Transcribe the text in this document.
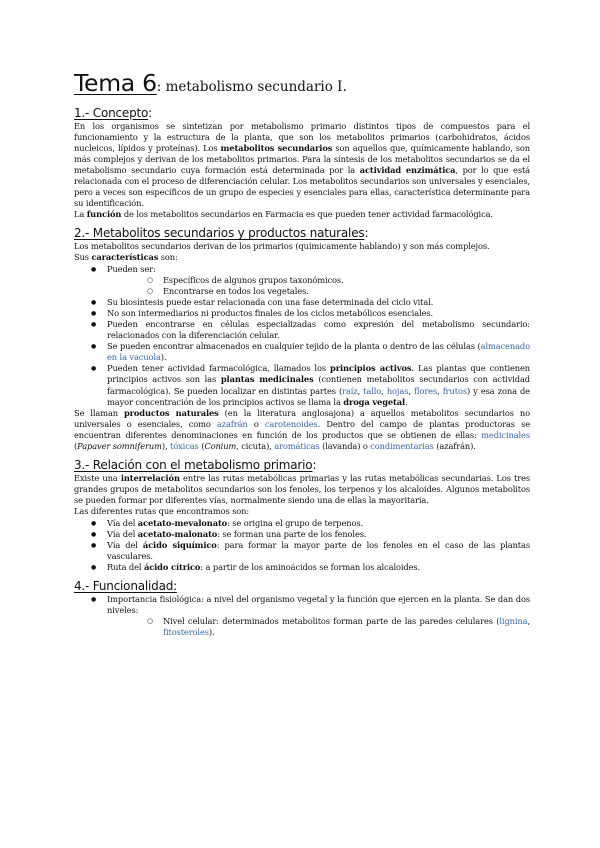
Tema 6: metabolismo secundario I.
1.- Concepto:

En los organismos se sintetizan por metabolismo primario distintos tipos de compuestos para el funcionamiento y la estructura de la planta, que son los metabolitos primarios (carbohidratos, ácidos nucleicos, lípidos y proteínas). Los metabolitos secundarios son aquellos que, químicamente hablando, son más complejos y derivan de los metabolitos primarios. Para la síntesis de los metabolitos secundarios se da el metabolismo secundario cuya formación está determinada por la actividad enzimática, por lo que está relacionada con el proceso de diferenciación celular. Los metabolitos secundarios son universales y esenciales, pero a veces son específicos de un grupo de especies y esenciales para ellas, característica determinante para su identificación.

La función de los metabolitos secundarios en Farmacia es que pueden tener actividad farmacológica.

2.- Metabolitos secundarios y productos naturales:

Los metabolitos secundarios derivan de los primarios (químicamente hablando) y son más complejos.

Sus características son:

● Pueden ser:
○ Específicos de algunos grupos taxonómicos.
○ Encontrarse en todos los vegetales.
● Su biosíntesis puede estar relacionada con una fase determinada del ciclo vital.
● No son intermediarios ni productos finales de los ciclos metabólicos esenciales.
● Pueden encontrarse en células especializadas como expresión del metabolismo secundario: relacionados con la diferenciación celular.
● Se pueden encontrar almacenados en cualquier tejido de la planta o dentro de las células (almacenado en la vacuola).
● Pueden tener actividad farmacológica, llamados los principios activos. Las plantas que contienen principios activos son las plantas medicinales (contienen metabolitos secundarios con actividad farmacológica). Se pueden localizar en distintas partes (raíz, tallo, hojas, flores, frutos) y esa zona de mayor concentración de los principios activos se llama la droga vegetal.

Se llaman productos naturales (en la literatura anglosajona) a aquellos metabolitos secundarios no universales o esenciales, como azafrán o carotenoides. Dentro del campo de plantas productoras se encuentran diferentes denominaciones en función de los productos que se obtienen de ellas: medicinales (Papaver somniferum), tóxicas (Conium, cicuta), aromáticas (lavanda) o condimentarias (azafrán).

3.- Relación con el metabolismo primario:

Existe una interrelación entre las rutas metabólicas primarias y las rutas metabólicas secundarias. Los tres grandes grupos de metabolitos secundarios son los fenoles, los terpenos y los alcaloides. Algunos metabolitos se pueden formar por diferentes vías, normalmente siendo una de ellas la mayoritaria.

Las diferentes rutas que encontramos son:

● Vía del acetato-mevalonato: se origina el grupo de terpenos.
● Vía del acetato-malonato: se forman una parte de los fenoles.
● Vía del ácido siquímico: para formar la mayor parte de los fenoles en el caso de las plantas vasculares.
● Ruta del ácido cítrico: a partir de los aminoácidos se forman los alcaloides.
4.- Funcionalidad:
● Importancia fisiológica: a nivel del organismo vegetal y la función que ejercen en la planta. Se dan dos niveles:
○ Nivel celular: determinados metabolitos forman parte de las paredes celulares (lignina, fitosteroles).
